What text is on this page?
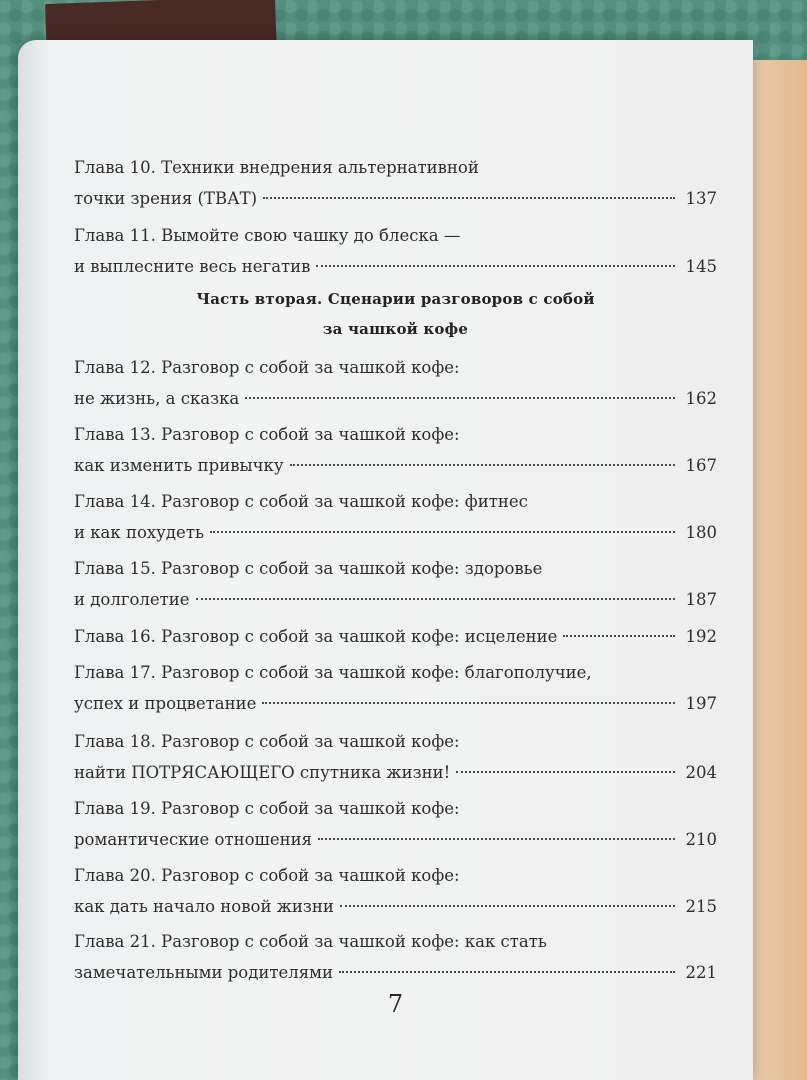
Глава 10. Техники внедрения альтернативной
точки зрения (ТВАТ)	137
Глава 11. Вымойте свою чашку до блеска —
и выплесните весь негатив	145
Часть вторая. Сценарии разговоров с собой
за чашкой кофе
Глава 12. Разговор с собой за чашкой кофе:
не жизнь, а сказка	162
Глава 13. Разговор с собой за чашкой кофе:
как изменить привычку	167
Глава 14. Разговор с собой за чашкой кофе: фитнес
и как похудеть	180
Глава 15. Разговор с собой за чашкой кофе: здоровье
и долголетие	187
Глава 16. Разговор с собой за чашкой кофе: исцеление	192
Глава 17. Разговор с собой за чашкой кофе: благополучие,
успех и процветание	197
Глава 18. Разговор с собой за чашкой кофе:
найти ПОТРЯСАЮЩЕГО спутника жизни!	204
Глава 19. Разговор с собой за чашкой кофе:
романтические отношения	210
Глава 20. Разговор с собой за чашкой кофе:
как дать начало новой жизни	215
Глава 21. Разговор с собой за чашкой кофе: как стать
замечательными родителями	221
7
